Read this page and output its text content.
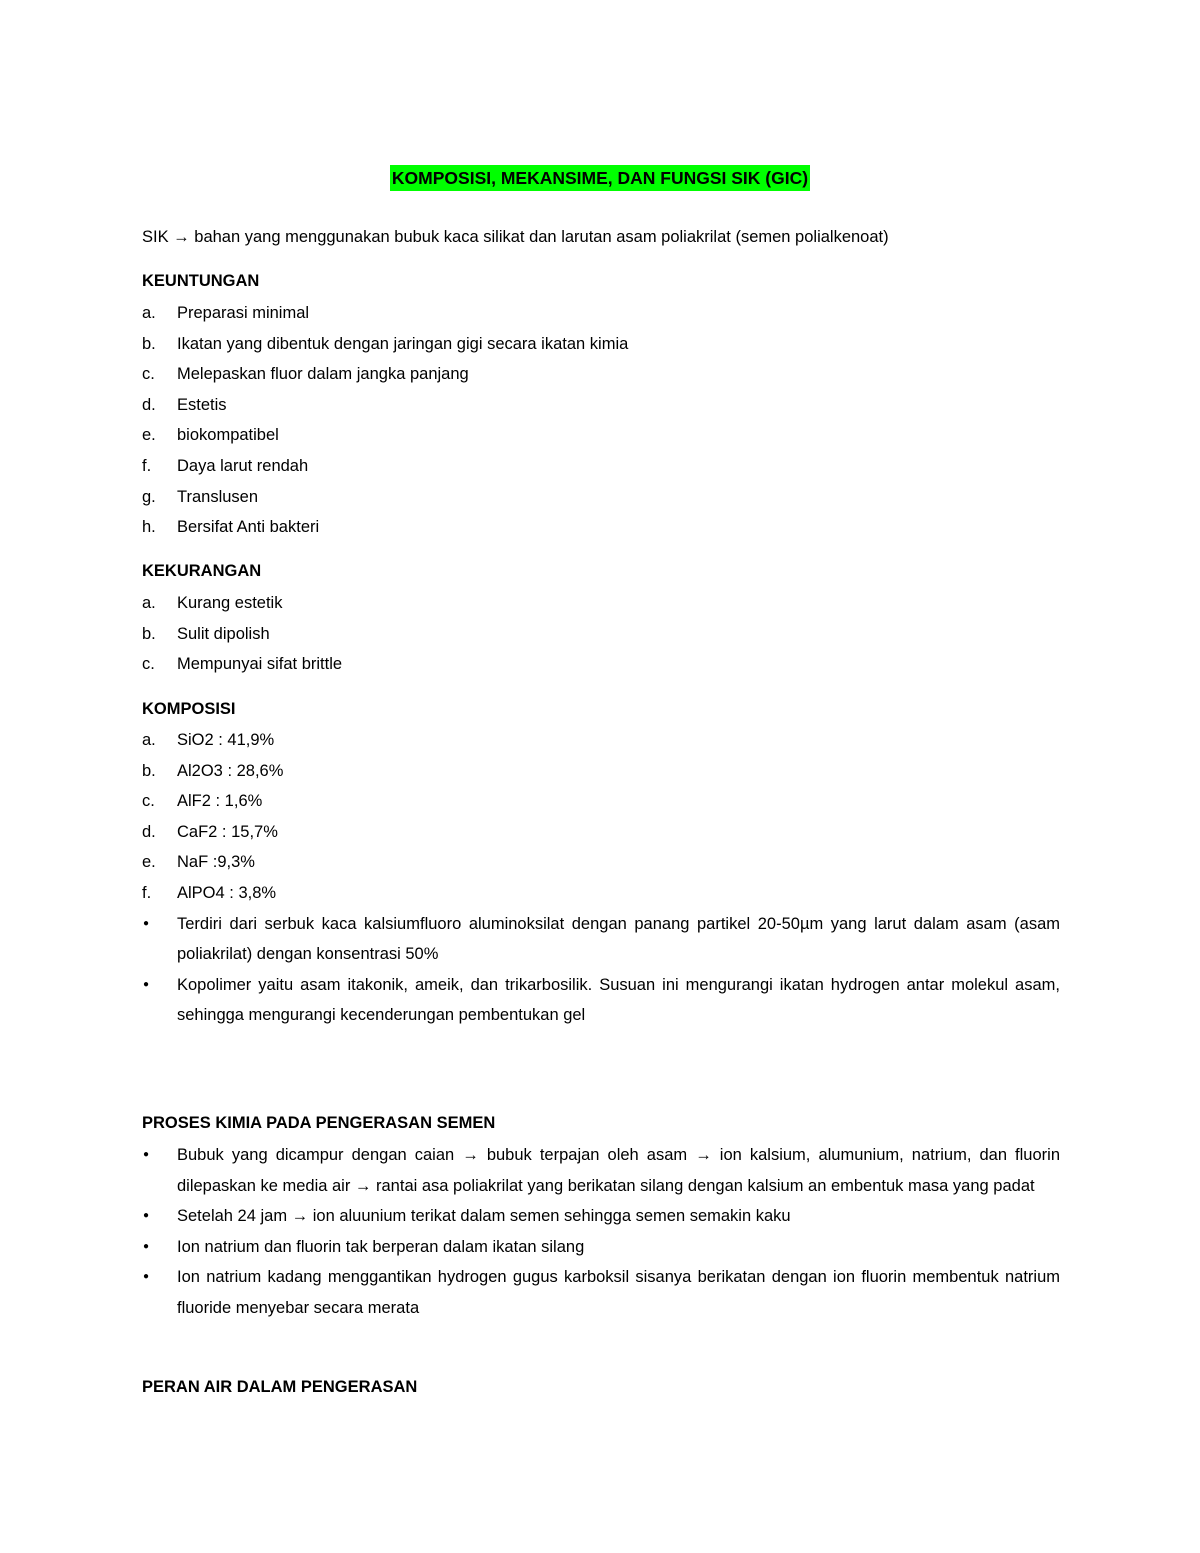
KOMPOSISI, MEKANSIME, DAN FUNGSI SIK (GIC)
SIK → bahan yang menggunakan bubuk kaca silikat dan larutan asam poliakrilat (semen polialkenoat)
KEUNTUNGAN
a.	Preparasi minimal
b.	Ikatan yang dibentuk dengan jaringan gigi secara ikatan kimia
c.	Melepaskan fluor dalam jangka panjang
d.	Estetis
e.	biokompatibel
f.	Daya larut rendah
g.	Translusen
h.	Bersifat Anti bakteri
KEKURANGAN
a.	Kurang estetik
b.	Sulit dipolish
c.	Mempunyai sifat brittle
KOMPOSISI
a.	SiO2 : 41,9%
b.	Al2O3 : 28,6%
c.	AlF2 : 1,6%
d.	CaF2 : 15,7%
e.	NaF :9,3%
f.	AlPO4 : 3,8%
●	Terdiri dari serbuk kaca kalsiumfluoro aluminoksilat dengan panang partikel 20-50µm yang larut dalam asam (asam poliakrilat) dengan konsentrasi 50%
●	Kopolimer yaitu asam itakonik, ameik, dan trikarbosilik. Susuan ini mengurangi ikatan hydrogen antar molekul asam, sehingga mengurangi kecenderungan pembentukan gel
PROSES KIMIA PADA PENGERASAN SEMEN
●	Bubuk yang dicampur dengan caian → bubuk terpajan oleh asam → ion kalsium, alumunium, natrium, dan fluorin dilepaskan ke media air → rantai asa poliakrilat yang berikatan silang dengan kalsium an embentuk masa yang padat
●	Setelah 24 jam → ion aluunium terikat dalam semen sehingga semen semakin kaku
●	Ion natrium dan fluorin tak berperan dalam ikatan silang
●	Ion natrium kadang menggantikan hydrogen gugus karboksil sisanya berikatan dengan ion fluorin membentuk natrium fluoride menyebar secara merata
PERAN AIR DALAM PENGERASAN
